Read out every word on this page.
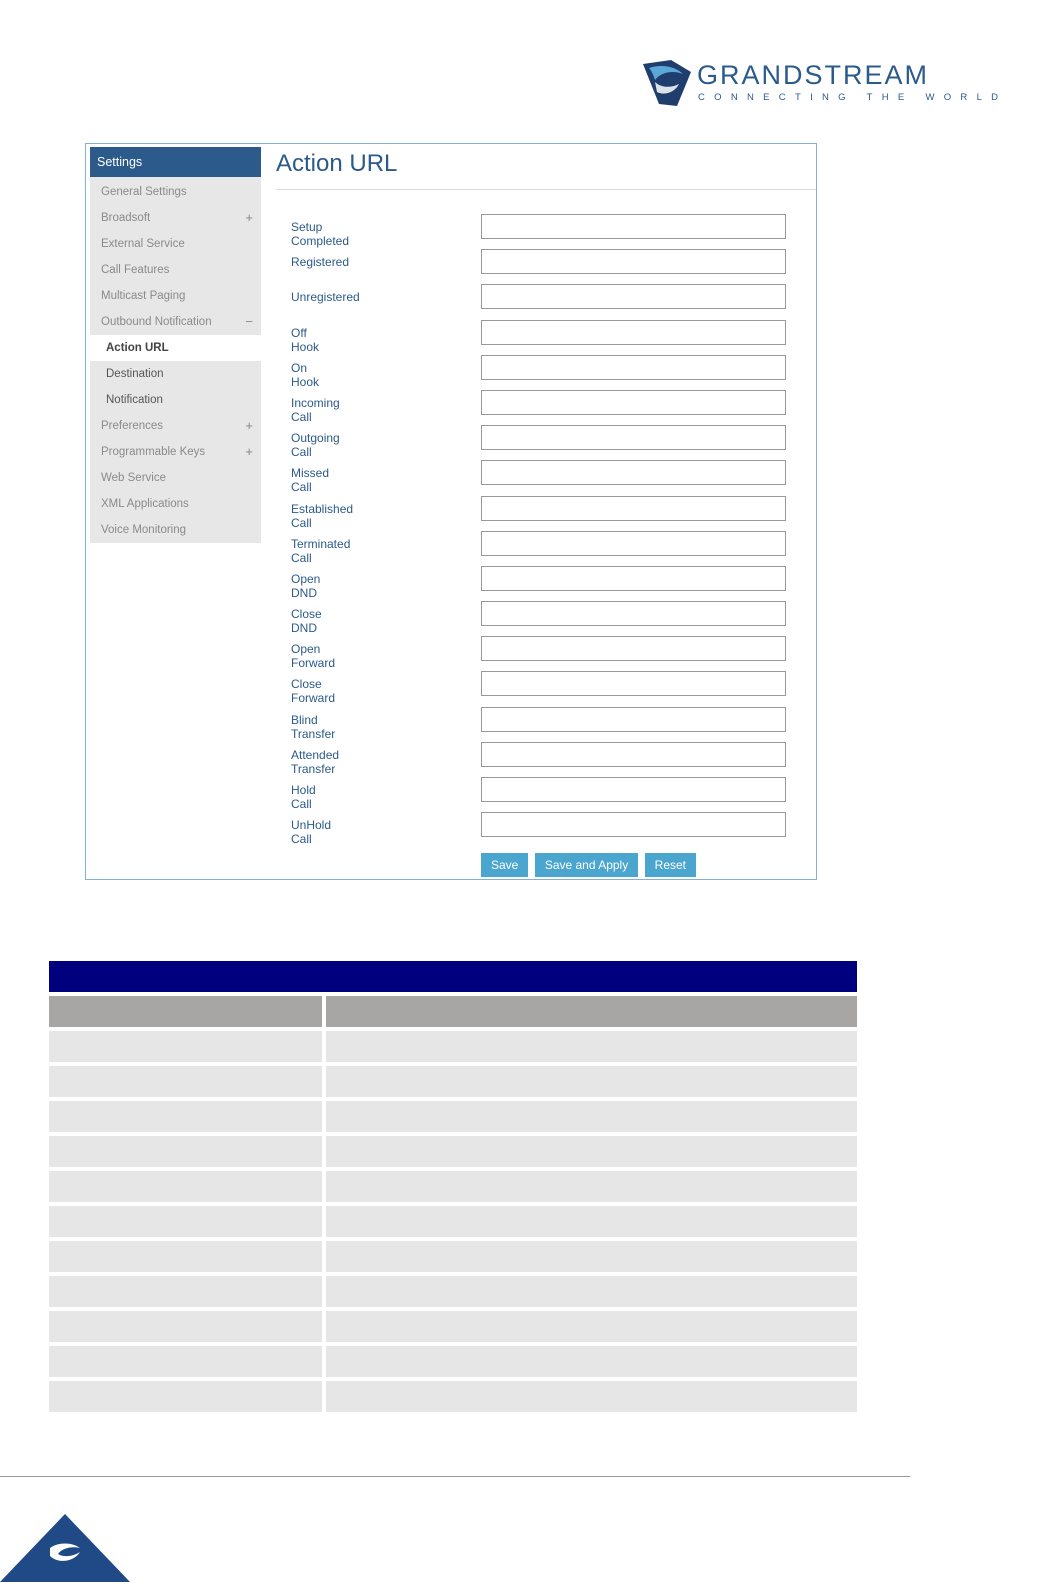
GRANDSTREAM
CONNECTING THE WORLD
Settings
General Settings
Broadsoft	+
External Service
Call Features
Multicast Paging
Outbound Notification	−
Action URL
Destination
Notification
Preferences	+
Programmable Keys	+
Web Service
XML Applications
Voice Monitoring
Action URL
Setup Completed
Registered
Unregistered
Off Hook
On Hook
Incoming Call
Outgoing Call
Missed Call
Established Call
Terminated Call
Open DND
Close DND
Open Forward
Close Forward
Blind Transfer
Attended Transfer
Hold Call
UnHold Call
Save Save and Apply Reset
